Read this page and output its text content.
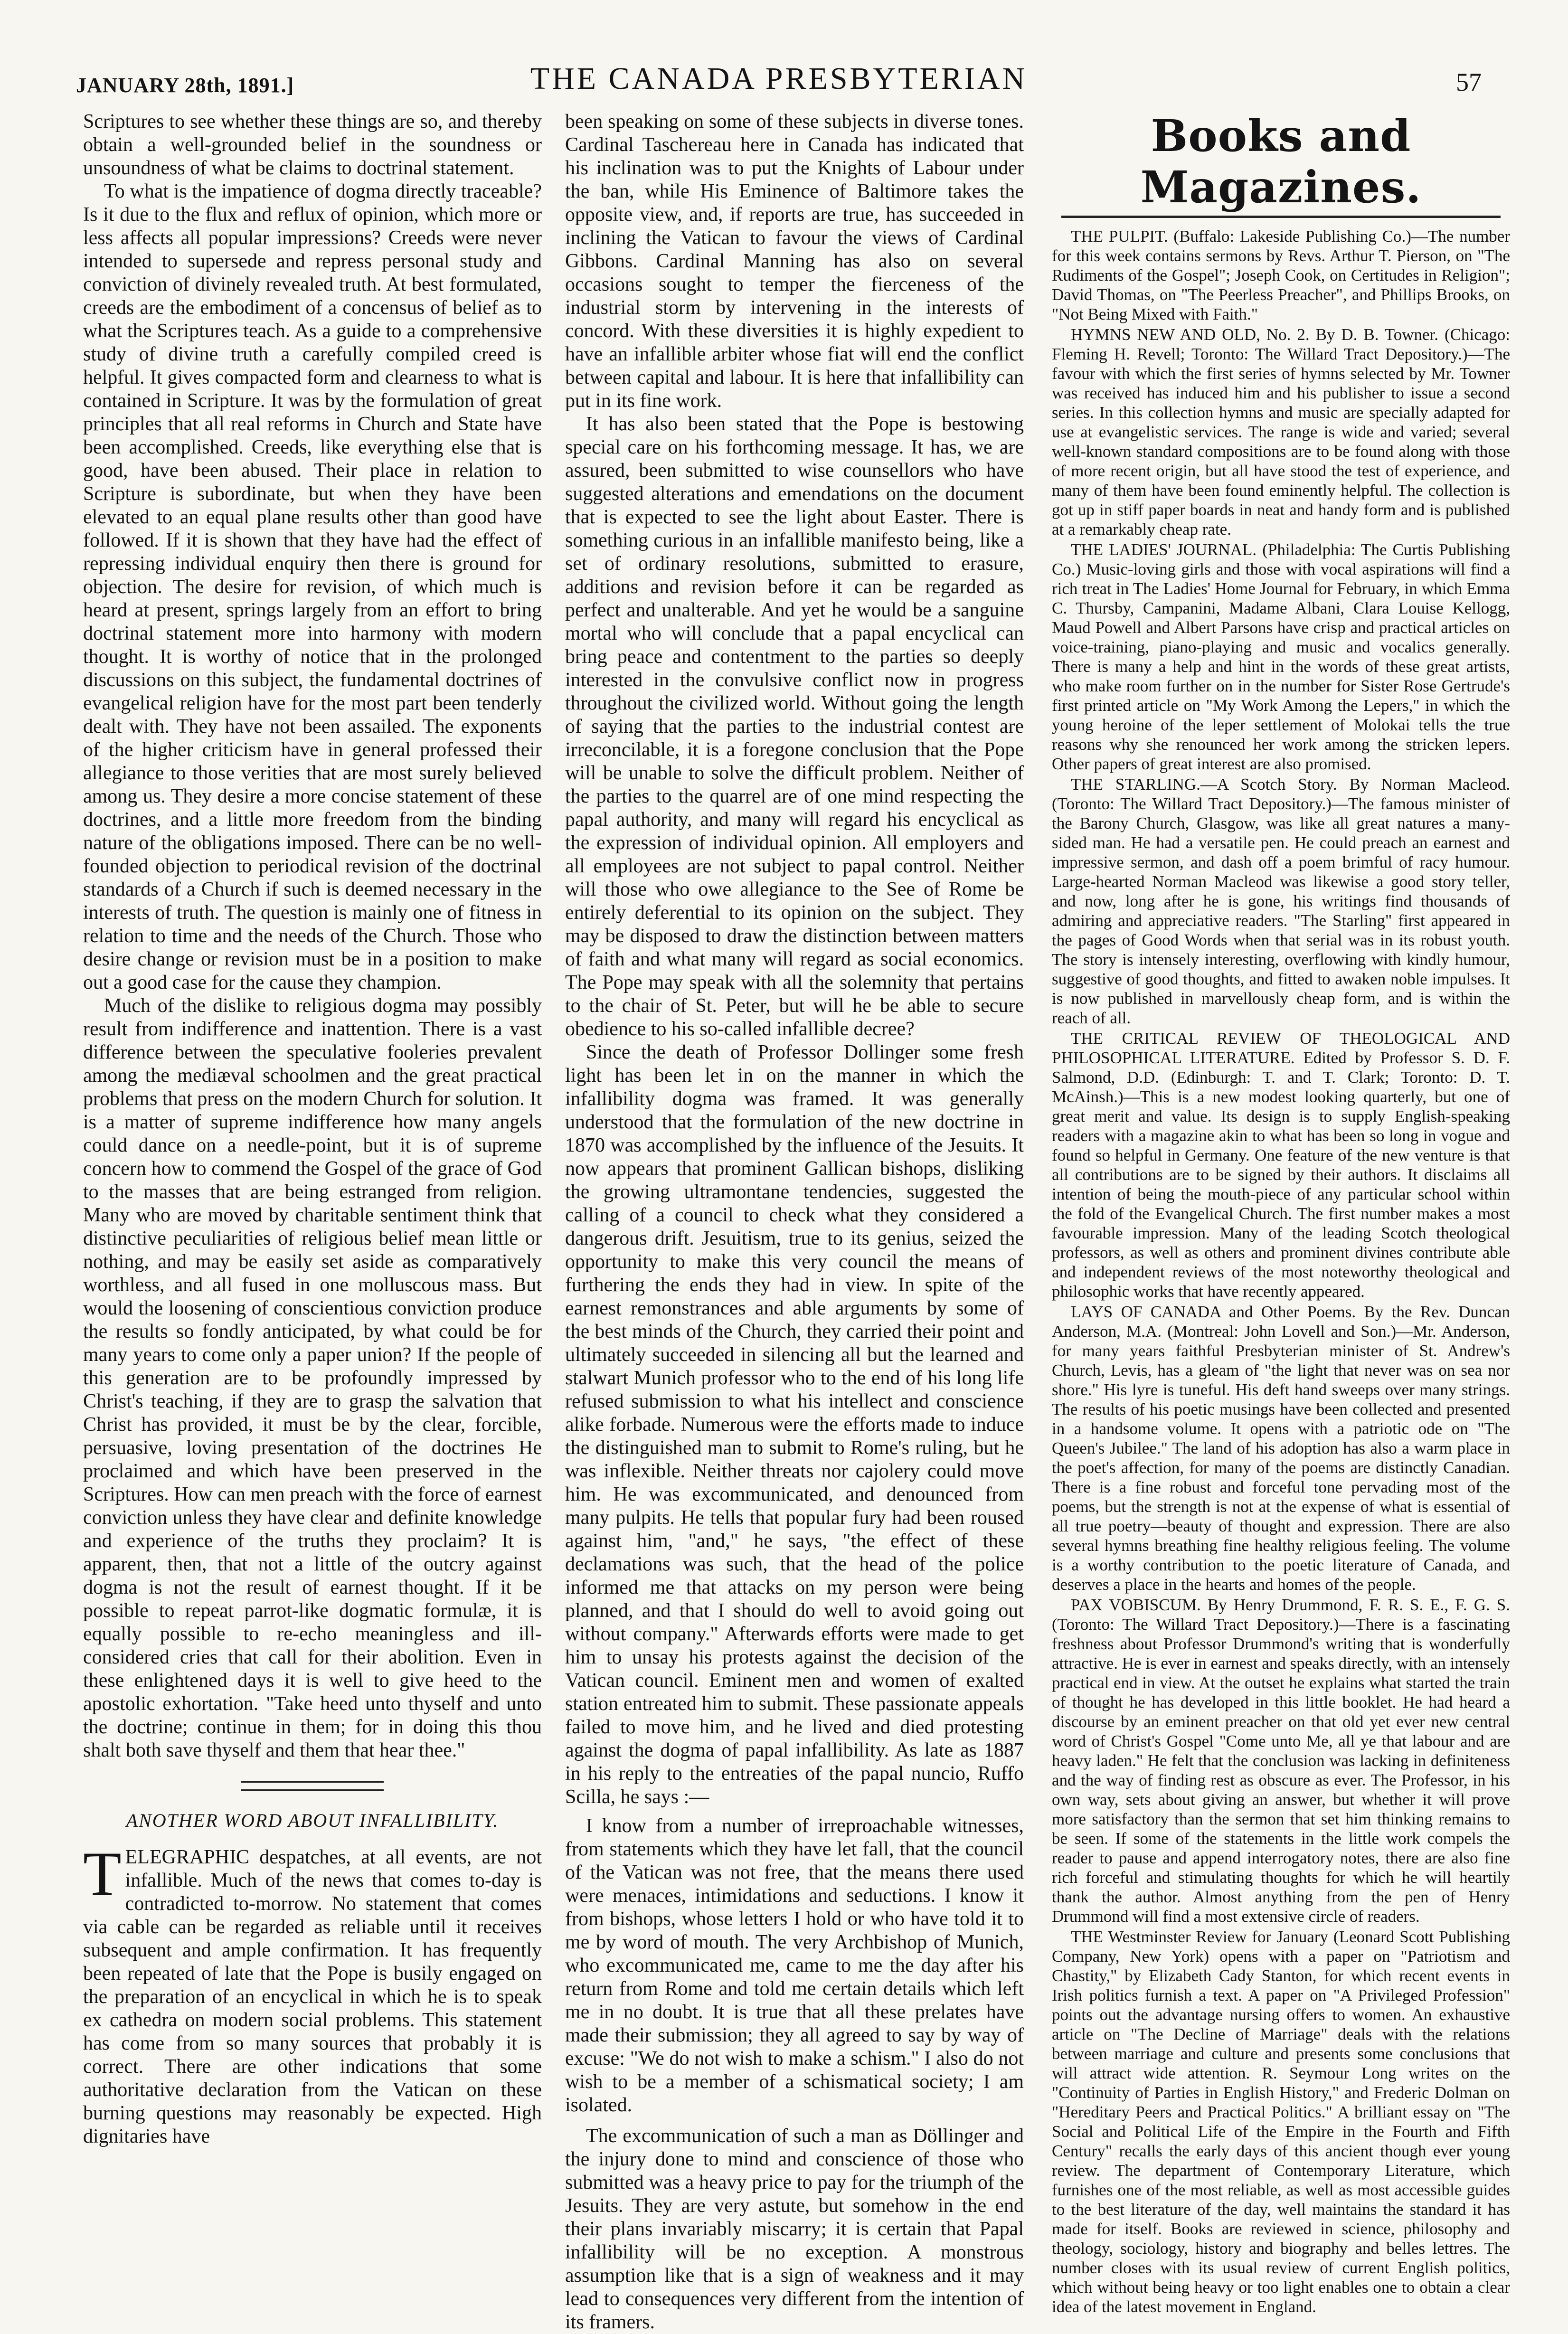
JANUARY 28th, 1891.]	THE CANADA PRESBYTERIAN	57

Scriptures to see whether these things are so, and thereby obtain a well-grounded belief in the soundness or unsoundness of what be claims to doctrinal statement.

To what is the impatience of dogma directly traceable? Is it due to the flux and reflux of opinion, which more or less affects all popular impressions? Creeds were never intended to supersede and repress personal study and conviction of divinely revealed truth. At best formulated, creeds are the embodiment of a concensus of belief as to what the Scriptures teach. As a guide to a comprehensive study of divine truth a carefully compiled creed is helpful. It gives compacted form and clearness to what is contained in Scripture. It was by the formulation of great principles that all real reforms in Church and State have been accomplished. Creeds, like everything else that is good, have been abused. Their place in relation to Scripture is subordinate, but when they have been elevated to an equal plane results other than good have followed. If it is shown that they have had the effect of repressing individual enquiry then there is ground for objection. The desire for revision, of which much is heard at present, springs largely from an effort to bring doctrinal statement more into harmony with modern thought. It is worthy of notice that in the prolonged discussions on this subject, the fundamental doctrines of evangelical religion have for the most part been tenderly dealt with. They have not been assailed. The exponents of the higher criticism have in general professed their allegiance to those verities that are most surely believed among us. They desire a more concise statement of these doctrines, and a little more freedom from the binding nature of the obligations imposed. There can be no well-founded objection to periodical revision of the doctrinal standards of a Church if such is deemed necessary in the interests of truth. The question is mainly one of fitness in relation to time and the needs of the Church. Those who desire change or revision must be in a position to make out a good case for the cause they champion.

Much of the dislike to religious dogma may possibly result from indifference and inattention. There is a vast difference between the speculative fooleries prevalent among the mediæval schoolmen and the great practical problems that press on the modern Church for solution. It is a matter of supreme indifference how many angels could dance on a needle-point, but it is of supreme concern how to commend the Gospel of the grace of God to the masses that are being estranged from religion. Many who are moved by charitable sentiment think that distinctive peculiarities of religious belief mean little or nothing, and may be easily set aside as comparatively worthless, and all fused in one molluscous mass. But would the loosening of conscientious conviction produce the results so fondly anticipated, by what could be for many years to come only a paper union? If the people of this generation are to be profoundly impressed by Christ's teaching, if they are to grasp the salvation that Christ has provided, it must be by the clear, forcible, persuasive, loving presentation of the doctrines He proclaimed and which have been preserved in the Scriptures. How can men preach with the force of earnest conviction unless they have clear and definite knowledge and experience of the truths they proclaim? It is apparent, then, that not a little of the outcry against dogma is not the result of earnest thought. If it be possible to repeat parrot-like dogmatic formulæ, it is equally possible to re-echo meaningless and ill-considered cries that call for their abolition. Even in these enlightened days it is well to give heed to the apostolic exhortation. "Take heed unto thyself and unto the doctrine; continue in them; for in doing this thou shalt both save thyself and them that hear thee."

ANOTHER WORD ABOUT INFALLIBILITY.

TELEGRAPHIC despatches, at all events, are not infallible. Much of the news that comes to-day is contradicted to-morrow. No statement that comes via cable can be regarded as reliable until it receives subsequent and ample confirmation. It has frequently been repeated of late that the Pope is busily engaged on the preparation of an encyclical in which he is to speak ex cathedra on modern social problems. This statement has come from so many sources that probably it is correct. There are other indications that some authoritative declaration from the Vatican on these burning questions may reasonably be expected. High dignitaries have

been speaking on some of these subjects in diverse tones. Cardinal Taschereau here in Canada has indicated that his inclination was to put the Knights of Labour under the ban, while His Eminence of Baltimore takes the opposite view, and, if reports are true, has succeeded in inclining the Vatican to favour the views of Cardinal Gibbons. Cardinal Manning has also on several occasions sought to temper the fierceness of the industrial storm by intervening in the interests of concord. With these diversities it is highly expedient to have an infallible arbiter whose fiat will end the conflict between capital and labour. It is here that infallibility can put in its fine work.

It has also been stated that the Pope is bestowing special care on his forthcoming message. It has, we are assured, been submitted to wise counsellors who have suggested alterations and emendations on the document that is expected to see the light about Easter. There is something curious in an infallible manifesto being, like a set of ordinary resolutions, submitted to erasure, additions and revision before it can be regarded as perfect and unalterable. And yet he would be a sanguine mortal who will conclude that a papal encyclical can bring peace and contentment to the parties so deeply interested in the convulsive conflict now in progress throughout the civilized world. Without going the length of saying that the parties to the industrial contest are irreconcilable, it is a foregone conclusion that the Pope will be unable to solve the difficult problem. Neither of the parties to the quarrel are of one mind respecting the papal authority, and many will regard his encyclical as the expression of individual opinion. All employers and all employees are not subject to papal control. Neither will those who owe allegiance to the See of Rome be entirely deferential to its opinion on the subject. They may be disposed to draw the distinction between matters of faith and what many will regard as social economics. The Pope may speak with all the solemnity that pertains to the chair of St. Peter, but will he be able to secure obedience to his so-called infallible decree?

Since the death of Professor Dollinger some fresh light has been let in on the manner in which the infallibility dogma was framed. It was generally understood that the formulation of the new doctrine in 1870 was accomplished by the influence of the Jesuits. It now appears that prominent Gallican bishops, disliking the growing ultramontane tendencies, suggested the calling of a council to check what they considered a dangerous drift. Jesuitism, true to its genius, seized the opportunity to make this very council the means of furthering the ends they had in view. In spite of the earnest remonstrances and able arguments by some of the best minds of the Church, they carried their point and ultimately succeeded in silencing all but the learned and stalwart Munich professor who to the end of his long life refused submission to what his intellect and conscience alike forbade. Numerous were the efforts made to induce the distinguished man to submit to Rome's ruling, but he was inflexible. Neither threats nor cajolery could move him. He was excommunicated, and denounced from many pulpits. He tells that popular fury had been roused against him, "and," he says, "the effect of these declamations was such, that the head of the police informed me that attacks on my person were being planned, and that I should do well to avoid going out without company." Afterwards efforts were made to get him to unsay his protests against the decision of the Vatican council. Eminent men and women of exalted station entreated him to submit. These passionate appeals failed to move him, and he lived and died protesting against the dogma of papal infallibility. As late as 1887 in his reply to the entreaties of the papal nuncio, Ruffo Scilla, he says :—

I know from a number of irreproachable witnesses, from statements which they have let fall, that the council of the Vatican was not free, that the means there used were menaces, intimidations and seductions. I know it from bishops, whose letters I hold or who have told it to me by word of mouth. The very Archbishop of Munich, who excommunicated me, came to me the day after his return from Rome and told me certain details which left me in no doubt. It is true that all these prelates have made their submission; they all agreed to say by way of excuse: "We do not wish to make a schism." I also do not wish to be a member of a schismatical society; I am isolated.

The excommunication of such a man as Döllinger and the injury done to mind and conscience of those who submitted was a heavy price to pay for the triumph of the Jesuits. They are very astute, but somehow in the end their plans invariably miscarry; it is certain that Papal infallibility will be no exception. A monstrous assumption like that is a sign of weakness and it may lead to consequences very different from the intention of its framers.

Books and Magazines.

THE PULPIT. (Buffalo: Lakeside Publishing Co.)—The number for this week contains sermons by Revs. Arthur T. Pierson, on "The Rudiments of the Gospel"; Joseph Cook, on Certitudes in Religion"; David Thomas, on "The Peerless Preacher", and Phillips Brooks, on "Not Being Mixed with Faith."

HYMNS NEW AND OLD, No. 2. By D. B. Towner. (Chicago: Fleming H. Revell; Toronto: The Willard Tract Depository.)—The favour with which the first series of hymns selected by Mr. Towner was received has induced him and his publisher to issue a second series. In this collection hymns and music are specially adapted for use at evangelistic services. The range is wide and varied; several well-known standard compositions are to be found along with those of more recent origin, but all have stood the test of experience, and many of them have been found eminently helpful. The collection is got up in stiff paper boards in neat and handy form and is published at a remarkably cheap rate.

THE LADIES' JOURNAL. (Philadelphia: The Curtis Publishing Co.) Music-loving girls and those with vocal aspirations will find a rich treat in The Ladies' Home Journal for February, in which Emma C. Thursby, Campanini, Madame Albani, Clara Louise Kellogg, Maud Powell and Albert Parsons have crisp and practical articles on voice-training, piano-playing and music and vocalics generally. There is many a help and hint in the words of these great artists, who make room further on in the number for Sister Rose Gertrude's first printed article on "My Work Among the Lepers," in which the young heroine of the leper settlement of Molokai tells the true reasons why she renounced her work among the stricken lepers. Other papers of great interest are also promised.

THE STARLING.—A Scotch Story. By Norman Macleod. (Toronto: The Willard Tract Depository.)—The famous minister of the Barony Church, Glasgow, was like all great natures a many-sided man. He had a versatile pen. He could preach an earnest and impressive sermon, and dash off a poem brimful of racy humour. Large-hearted Norman Macleod was likewise a good story teller, and now, long after he is gone, his writings find thousands of admiring and appreciative readers. "The Starling" first appeared in the pages of Good Words when that serial was in its robust youth. The story is intensely interesting, overflowing with kindly humour, suggestive of good thoughts, and fitted to awaken noble impulses. It is now published in marvellously cheap form, and is within the reach of all.

THE CRITICAL REVIEW OF THEOLOGICAL AND PHILOSOPHICAL LITERATURE. Edited by Professor S. D. F. Salmond, D.D. (Edinburgh: T. and T. Clark; Toronto: D. T. McAinsh.)—This is a new modest looking quarterly, but one of great merit and value. Its design is to supply English-speaking readers with a magazine akin to what has been so long in vogue and found so helpful in Germany. One feature of the new venture is that all contributions are to be signed by their authors. It disclaims all intention of being the mouth-piece of any particular school within the fold of the Evangelical Church. The first number makes a most favourable impression. Many of the leading Scotch theological professors, as well as others and prominent divines contribute able and independent reviews of the most noteworthy theological and philosophic works that have recently appeared.

LAYS OF CANADA and Other Poems. By the Rev. Duncan Anderson, M.A. (Montreal: John Lovell and Son.)—Mr. Anderson, for many years faithful Presbyterian minister of St. Andrew's Church, Levis, has a gleam of "the light that never was on sea nor shore." His lyre is tuneful. His deft hand sweeps over many strings. The results of his poetic musings have been collected and presented in a handsome volume. It opens with a patriotic ode on "The Queen's Jubilee." The land of his adoption has also a warm place in the poet's affection, for many of the poems are distinctly Canadian. There is a fine robust and forceful tone pervading most of the poems, but the strength is not at the expense of what is essential of all true poetry—beauty of thought and expression. There are also several hymns breathing fine healthy religious feeling. The volume is a worthy contribution to the poetic literature of Canada, and deserves a place in the hearts and homes of the people.

PAX VOBISCUM. By Henry Drummond, F. R. S. E., F. G. S. (Toronto: The Willard Tract Depository.)—There is a fascinating freshness about Professor Drummond's writing that is wonderfully attractive. He is ever in earnest and speaks directly, with an intensely practical end in view. At the outset he explains what started the train of thought he has developed in this little booklet. He had heard a discourse by an eminent preacher on that old yet ever new central word of Christ's Gospel "Come unto Me, all ye that labour and are heavy laden." He felt that the conclusion was lacking in definiteness and the way of finding rest as obscure as ever. The Professor, in his own way, sets about giving an answer, but whether it will prove more satisfactory than the sermon that set him thinking remains to be seen. If some of the statements in the little work compels the reader to pause and append interrogatory notes, there are also fine rich forceful and stimulating thoughts for which he will heartily thank the author. Almost anything from the pen of Henry Drummond will find a most extensive circle of readers.

THE Westminster Review for January (Leonard Scott Publishing Company, New York) opens with a paper on "Patriotism and Chastity," by Elizabeth Cady Stanton, for which recent events in Irish politics furnish a text. A paper on "A Privileged Profession" points out the advantage nursing offers to women. An exhaustive article on "The Decline of Marriage" deals with the relations between marriage and culture and presents some conclusions that will attract wide attention. R. Seymour Long writes on the "Continuity of Parties in English History," and Frederic Dolman on "Hereditary Peers and Practical Politics." A brilliant essay on "The Social and Political Life of the Empire in the Fourth and Fifth Century" recalls the early days of this ancient though ever young review. The department of Contemporary Literature, which furnishes one of the most reliable, as well as most accessible guides to the best literature of the day, well maintains the standard it has made for itself. Books are reviewed in science, philosophy and theology, sociology, history and biography and belles lettres. The number closes with its usual review of current English politics, which without being heavy or too light enables one to obtain a clear idea of the latest movement in England.
